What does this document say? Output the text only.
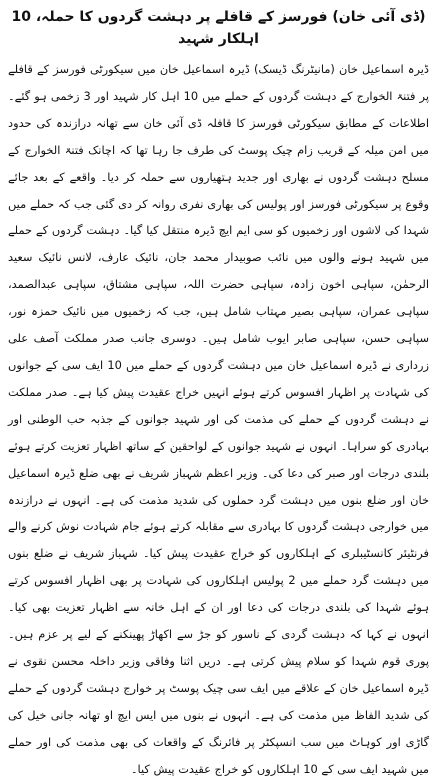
(ڈی آئی خان) فورسز کے قافلے پر دہشت گردوں کا حملہ، 10 اہلکار شہید

ڈیرہ اسماعیل خان (مانیٹرنگ ڈیسک) ڈیرہ اسماعیل خان میں سیکورٹی فورسز کے قافلے پر فتنۃ الخوارج کے دہشت گردوں کے حملے میں 10 اہل کار شہید اور 3 زخمی ہو گئے۔ اطلاعات کے مطابق سیکورٹی فورسز کا قافلہ ڈی آئی خان سے تھانہ درازندہ کی حدود میں امن میلہ کے قریب زام چیک پوسٹ کی طرف جا رہا تھا کہ اچانک فتنۃ الخوارج کے مسلح دہشت گردوں نے بھاری اور جدید ہتھیاروں سے حملہ کر دیا۔ واقعے کے بعد جائے وقوع پر سیکورٹی فورسز اور پولیس کی بھاری نفری روانہ کر دی گئی جب کہ حملے میں شہدا کی لاشوں اور زخمیوں کو سی ایم ایچ ڈیرہ منتقل کیا گیا۔ دہشت گردوں کے حملے میں شہید ہونے والوں میں نائب صوبیدار محمد جان، نائیک عارف، لانس نائیک سعید الرحمٰن، سپاہی اخون زادہ، سپاہی حضرت اللہ، سپاہی مشتاق، سپاہی عبدالصمد، سپاہی عمران، سپاہی بصیر مہتاب شامل ہیں، جب کہ زخمیوں میں نائیک حمزہ نور، سپاہی حسن، سپاہی صابر ایوب شامل ہیں۔ دوسری جانب صدر مملکت آصف علی زرداری نے ڈیرہ اسماعیل خان میں دہشت گردوں کے حملے میں 10 ایف سی کے جوانوں کی شہادت پر اظہار افسوس کرتے ہوئے انہیں خراج عقیدت پیش کیا ہے۔ صدر مملکت نے دہشت گردوں کے حملے کی مذمت کی اور شہید جوانوں کے جذبہ حب الوطنی اور بہادری کو سراہا۔ انہوں نے شہید جوانوں کے لواحقین کے ساتھ اظہار تعزیت کرتے ہوئے بلندی درجات اور صبر کی دعا کی۔ وزیر اعظم شہباز شریف نے بھی ضلع ڈیرہ اسماعیل خان اور ضلع بنوں میں دہشت گرد حملوں کی شدید مذمت کی ہے۔ انہوں نے درازندہ میں خوارجی دہشت گردوں کا بہادری سے مقابلہ کرتے ہوئے جام شہادت نوش کرنے والے فرنٹیئر کانسٹیبلری کے اہلکاروں کو خراج عقیدت پیش کیا۔ شہباز شریف نے ضلع بنوں میں دہشت گرد حملے میں 2 پولیس اہلکاروں کی شہادت پر بھی اظہار افسوس کرتے ہوئے شہدا کی بلندی درجات کی دعا اور ان کے اہل خانہ سے اظہار تعزیت بھی کیا۔ انہوں نے کہا کہ دہشت گردی کے ناسور کو جڑ سے اکھاڑ پھینکنے کے لیے پر عزم ہیں۔ پوری قوم شہدا کو سلام پیش کرتی ہے۔ دریں اثنا وفاقی وزیر داخلہ محسن نقوی نے ڈیرہ اسماعیل خان کے علاقے میں ایف سی چیک پوسٹ پر خوارج دہشت گردوں کے حملے کی شدید الفاظ میں مذمت کی ہے۔ انہوں نے بنوں میں ایس ایچ او تھانہ جانی خیل کی گاڑی اور کوہاٹ میں سب انسپکٹر پر فائرنگ کے واقعات کی بھی مذمت کی اور حملے میں شہید ایف سی کے 10 اہلکاروں کو خراج عقیدت پیش کیا۔
